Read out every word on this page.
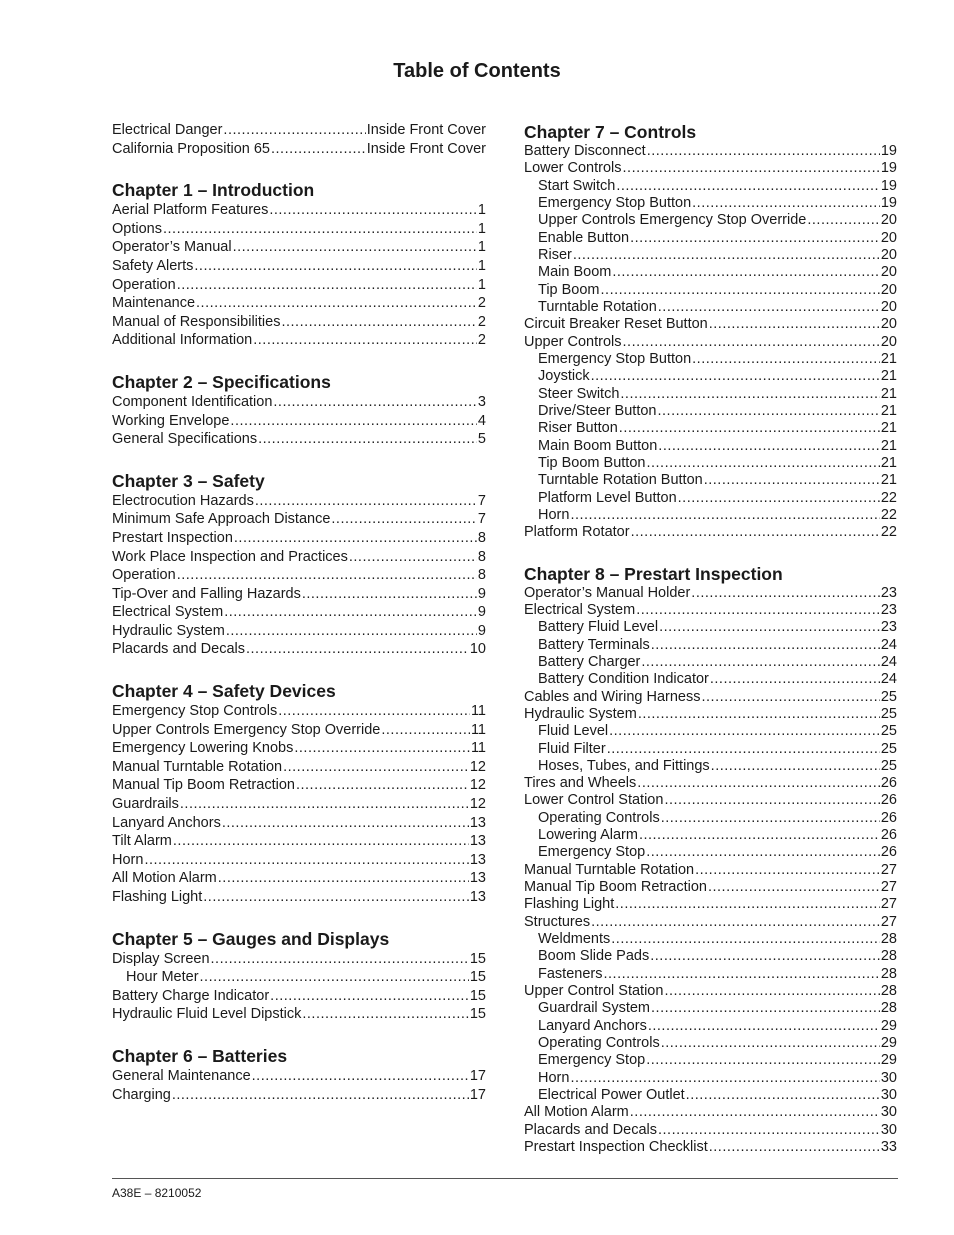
Table of Contents
Electrical Danger .....	Inside Front Cover
California Proposition 65 .....	Inside Front Cover
Chapter 1 – Introduction
Aerial Platform Features .....	1
Options .....	1
Operator’s Manual .....	1
Safety Alerts .....	1
Operation .....	1
Maintenance .....	2
Manual of Responsibilities .....	2
Additional Information .....	2
Chapter 2 – Specifications
Component Identification .....	3
Working Envelope .....	4
General Specifications .....	5
Chapter 3 – Safety
Electrocution Hazards .....	7
Minimum Safe Approach Distance .....	7
Prestart Inspection .....	8
Work Place Inspection and Practices .....	8
Operation .....	8
Tip-Over and Falling Hazards .....	9
Electrical System .....	9
Hydraulic System .....	9
Placards and Decals .....	10
Chapter 4 – Safety Devices
Emergency Stop Controls .....	11
Upper Controls Emergency Stop Override .....	11
Emergency Lowering Knobs .....	11
Manual Turntable Rotation .....	12
Manual Tip Boom Retraction .....	12
Guardrails .....	12
Lanyard Anchors .....	13
Tilt Alarm .....	13
Horn .....	13
All Motion Alarm .....	13
Flashing Light .....	13
Chapter 5 – Gauges and Displays
Display Screen .....	15
Hour Meter .....	15
Battery Charge Indicator .....	15
Hydraulic Fluid Level Dipstick .....	15
Chapter 6 – Batteries
General Maintenance .....	17
Charging .....	17
Chapter 7 – Controls
Battery Disconnect .....	19
Lower Controls .....	19
Start Switch .....	19
Emergency Stop Button .....	19
Upper Controls Emergency Stop Override .....	20
Enable Button .....	20
Riser .....	20
Main Boom .....	20
Tip Boom .....	20
Turntable Rotation .....	20
Circuit Breaker Reset Button .....	20
Upper Controls .....	20
Emergency Stop Button .....	21
Joystick .....	21
Steer Switch .....	21
Drive/Steer Button .....	21
Riser Button .....	21
Main Boom Button .....	21
Tip Boom Button .....	21
Turntable Rotation Button .....	21
Platform Level Button .....	22
Horn .....	22
Platform Rotator .....	22
Chapter 8 – Prestart Inspection
Operator’s Manual Holder .....	23
Electrical System .....	23
Battery Fluid Level .....	23
Battery Terminals .....	24
Battery Charger .....	24
Battery Condition Indicator .....	24
Cables and Wiring Harness .....	25
Hydraulic System .....	25
Fluid Level .....	25
Fluid Filter .....	25
Hoses, Tubes, and Fittings .....	25
Tires and Wheels .....	26
Lower Control Station .....	26
Operating Controls .....	26
Lowering Alarm .....	26
Emergency Stop .....	26
Manual Turntable Rotation .....	27
Manual Tip Boom Retraction .....	27
Flashing Light .....	27
Structures .....	27
Weldments .....	28
Boom Slide Pads .....	28
Fasteners .....	28
Upper Control Station .....	28
Guardrail System .....	28
Lanyard Anchors .....	29
Operating Controls .....	29
Emergency Stop .....	29
Horn .....	30
Electrical Power Outlet .....	30
All Motion Alarm .....	30
Placards and Decals .....	30
Prestart Inspection Checklist .....	33
A38E – 8210052
